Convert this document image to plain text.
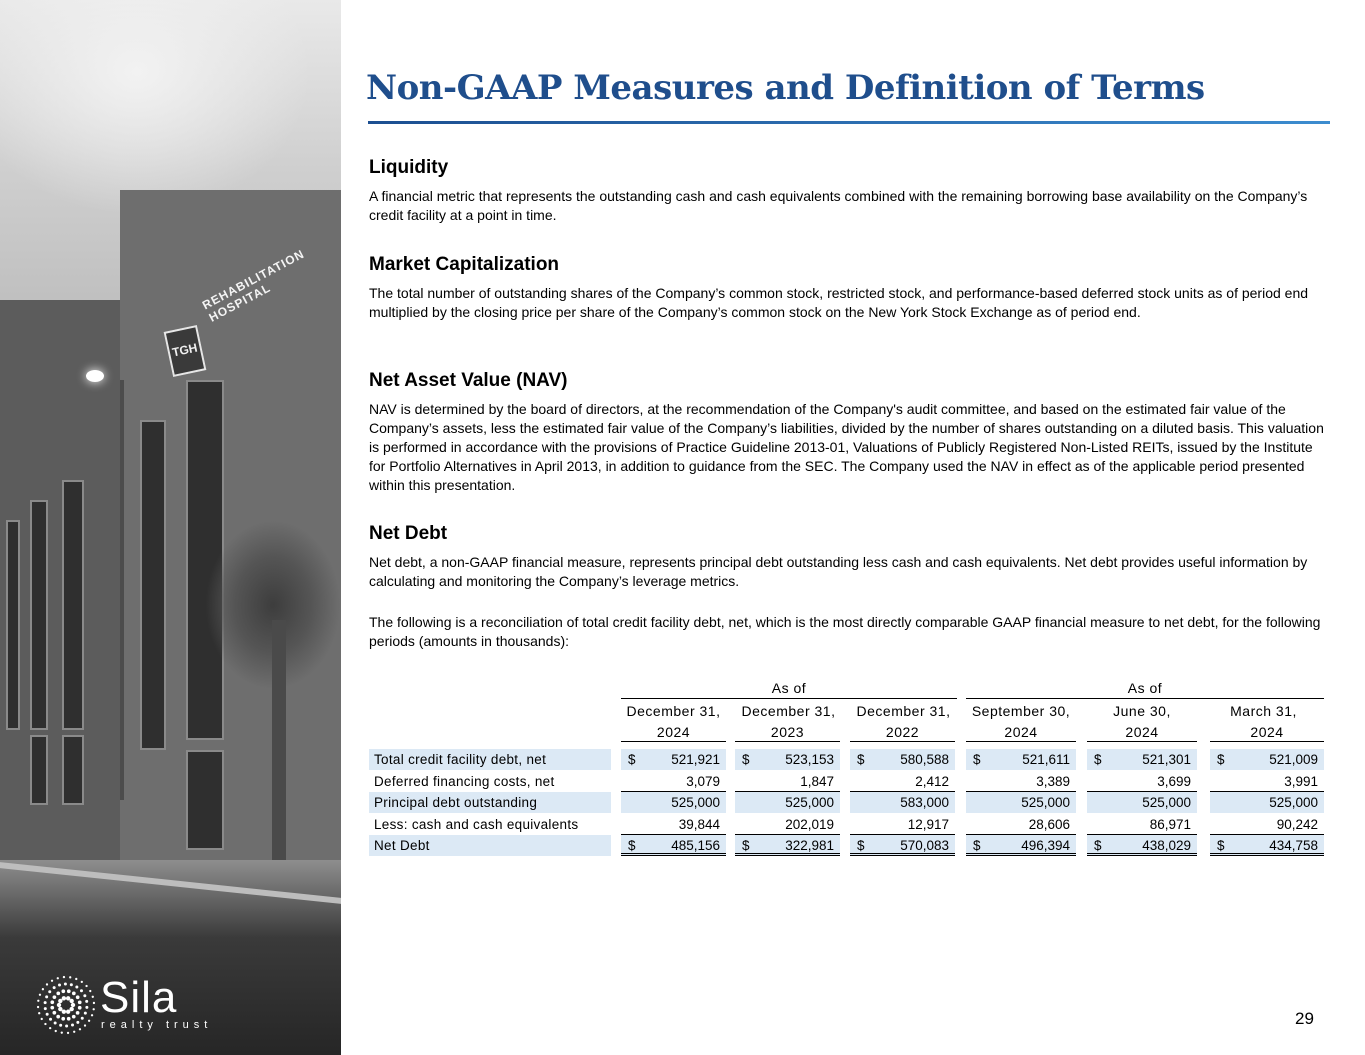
TGH
REHABILITATION HOSPITAL
Sila
realty trust
Non-GAAP Measures and Definition of Terms
Liquidity

A financial metric that represents the outstanding cash and cash equivalents combined with the remaining borrowing base availability on the Company’s credit facility at a point in time.

Market Capitalization

The total number of outstanding shares of the Company’s common stock, restricted stock, and performance-based deferred stock units as of period end multiplied by the closing price per share of the Company’s common stock on the New York Stock Exchange as of period end.

Net Asset Value (NAV)

NAV is determined by the board of directors, at the recommendation of the Company's audit committee, and based on the estimated fair value of the Company’s assets, less the estimated fair value of the Company’s liabilities, divided by the number of shares outstanding on a diluted basis. This valuation is performed in accordance with the provisions of Practice Guideline 2013-01, Valuations of Publicly Registered Non-Listed REITs, issued by the Institute for Portfolio Alternatives in April 2013, in addition to guidance from the SEC. The Company used the NAV in effect as of the applicable period presented within this presentation.

Net Debt

Net debt, a non-GAAP financial measure, represents principal debt outstanding less cash and cash equivalents. Net debt provides useful information by calculating and monitoring the Company’s leverage metrics.

The following is a reconciliation of total credit facility debt, net, which is the most directly comparable GAAP financial measure to net debt, for the following periods (amounts in thousands):

As of	As of
December 31,	December 31,	December 31,	September 30,	June 30,	March 31,
2024	2023	2022	2024	2024	2024
Total credit facility debt, net	$	521,921 $	523,153 $	580,588 $	521,611 $	521,301 $	521,009
Deferred financing costs, net	3,079	1,847	2,412	3,389	3,699	3,991
Principal debt outstanding	525,000	525,000	583,000	525,000	525,000	525,000
Less: cash and cash equivalents	39,844	202,019	12,917	28,606	86,971	90,242
Net Debt	$	485,156 $	322,981 $	570,083 $	496,394 $	438,029 $	434,758
29
